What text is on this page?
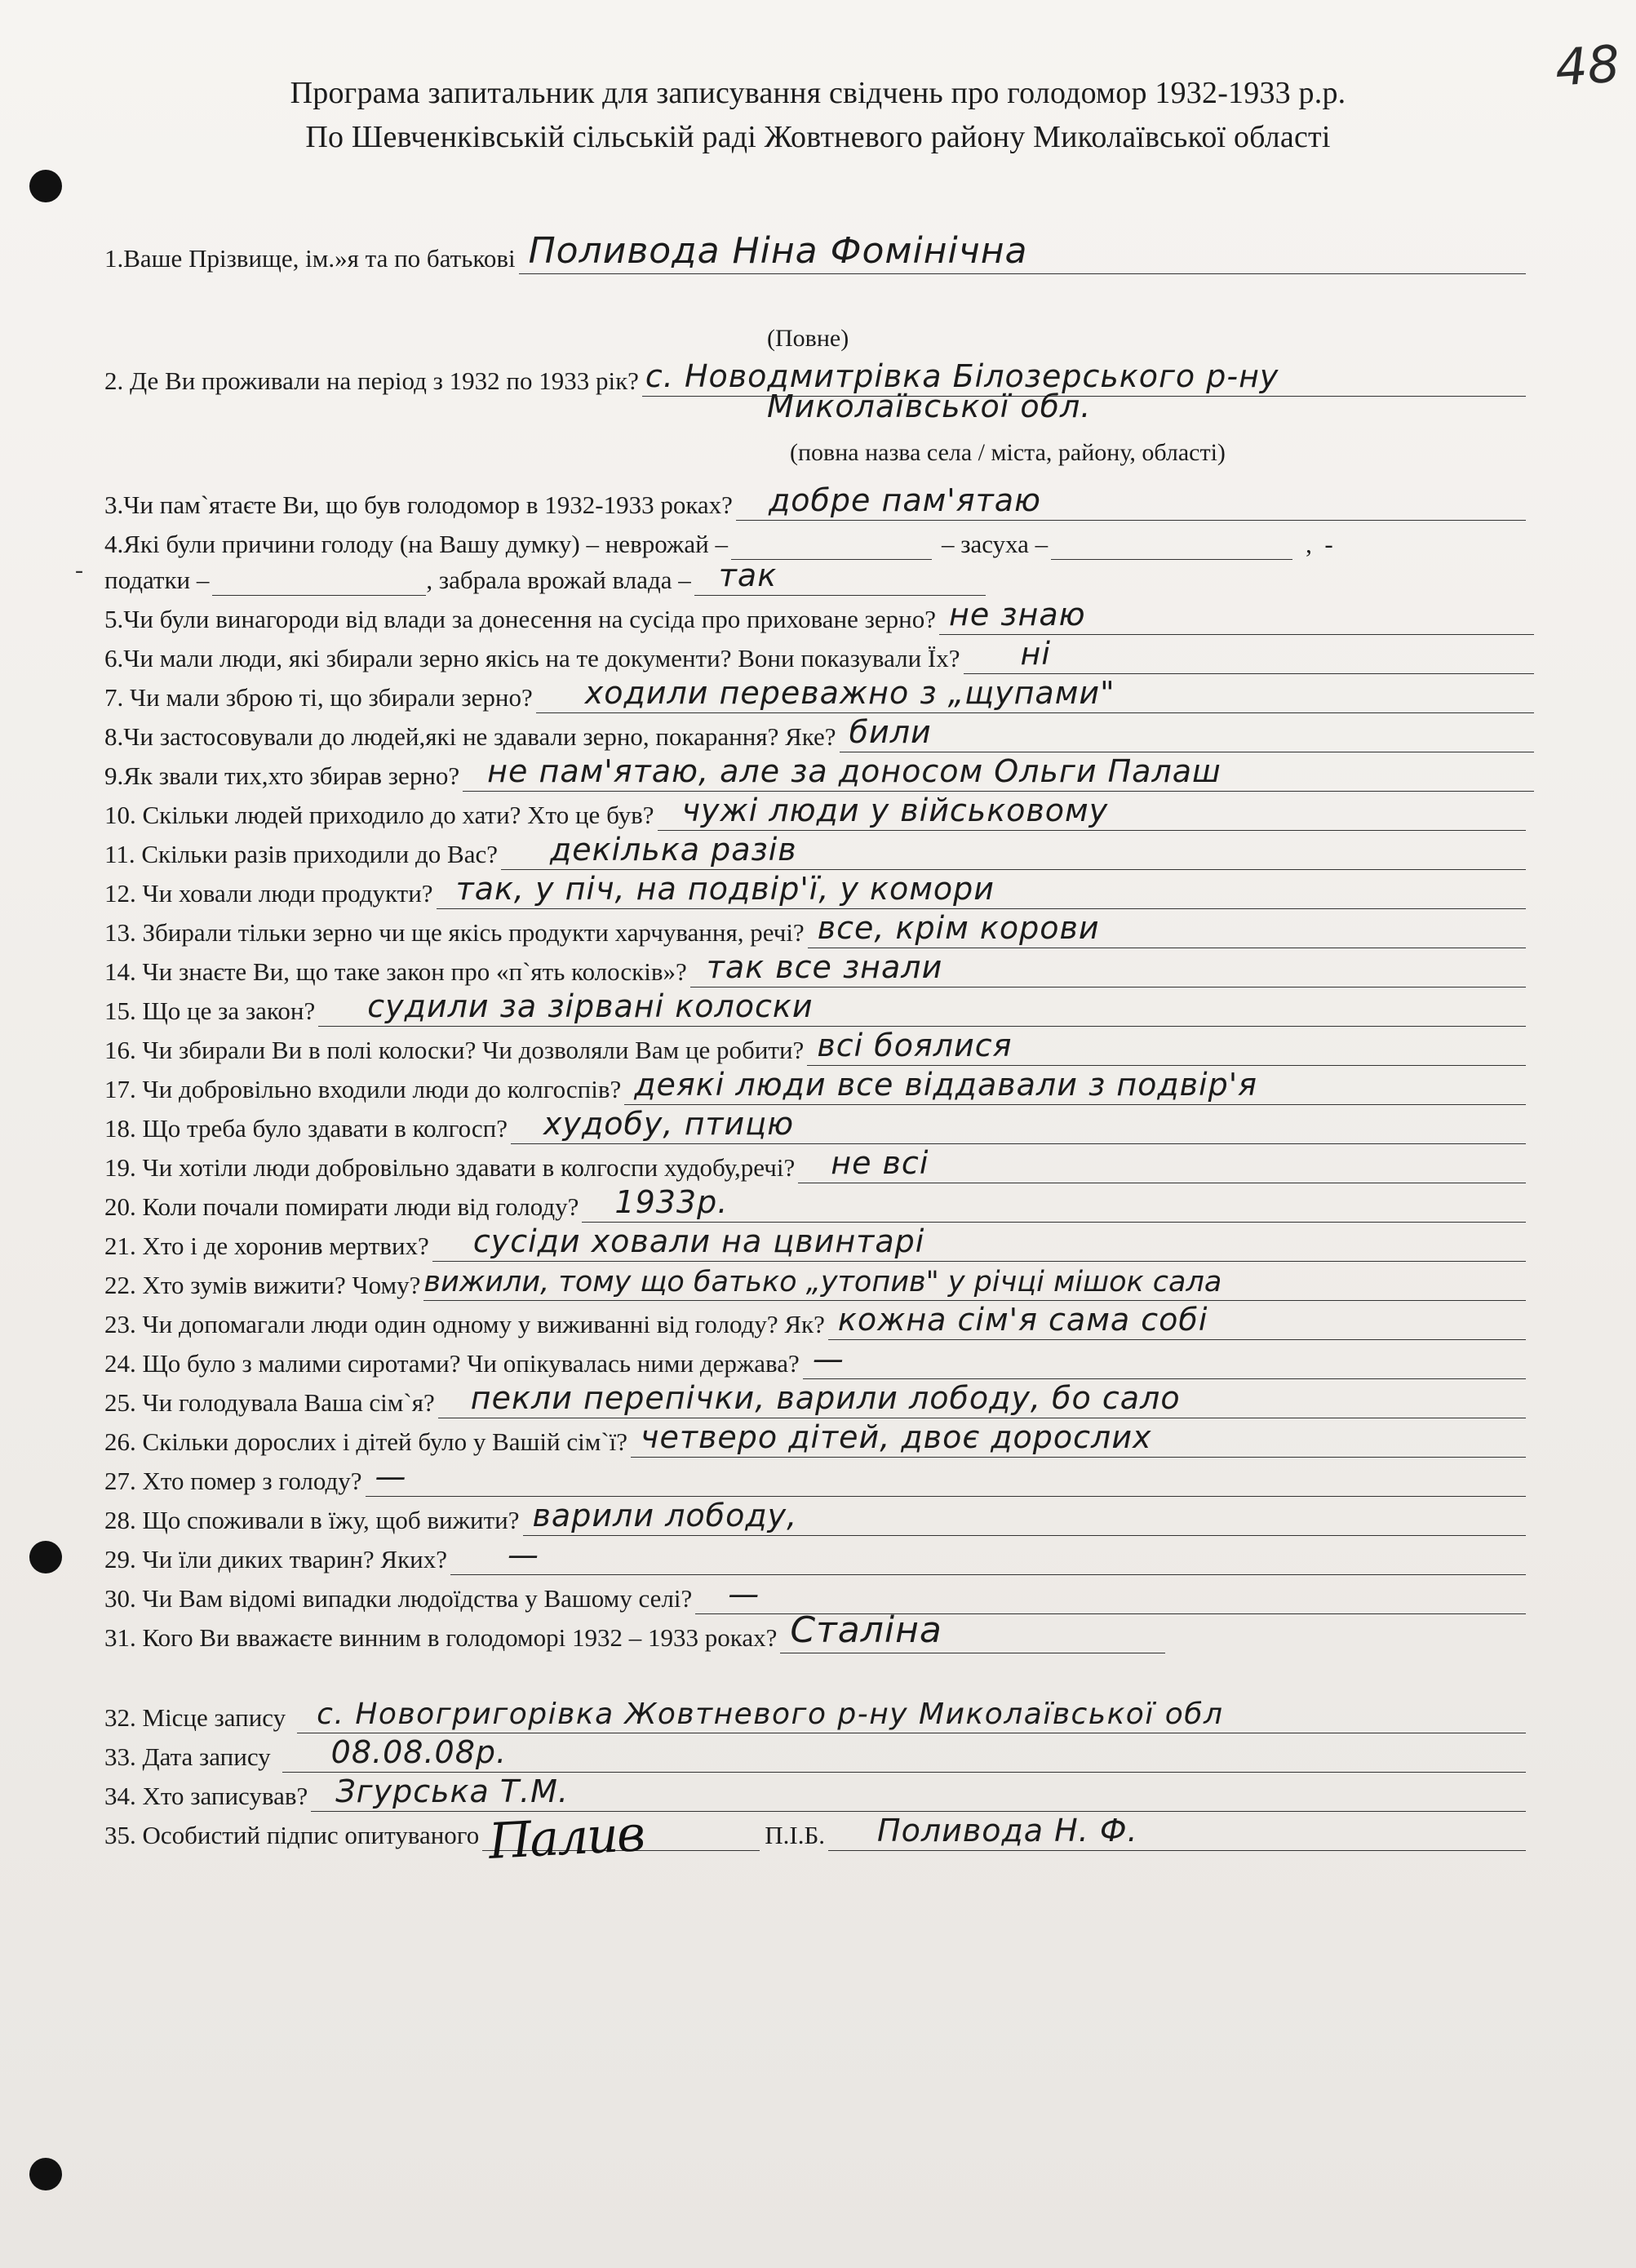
48
Програма запитальник для записування свідчень про голодомор 1932-1933 р.р.
По Шевченківській сільській раді Жовтневого району Миколаївської області
1.Ваше Прізвище, ім.»я та по батькові Поливода Ніна Фомінічна
(Повне)
2. Де Ви проживали на період з 1932 по 1933 рік? с. Новодмитрівка Білозерського р-ну
Миколаївської обл.
(повна назва села / міста, району, області)
3.Чи пам`ятаєте Ви, що був голодомор в 1932-1933 роках? добре пам'ятаю
4.Які були причини голоду (на Вашу думку) – неврожай –	– засуха –	,  -
податки –	, забрала врожай влада – так
-
5.Чи були винагороди від влади за донесення на сусіда про приховане зерно? не знаю
6.Чи мали люди, які збирали зерно якісь на те документи? Вони показували Їх? ні
7. Чи мали зброю ті, що збирали зерно? ходили переважно з „щупами"
8.Чи застосовували до людей,які не здавали зерно, покарання? Яке? били
9.Як звали тих,хто збирав зерно? не пам'ятаю, але за доносом Ольги Палаш
10. Скільки людей приходило до хати? Хто це був? чужі люди у військовому
11. Скільки разів приходили до Вас? декілька разів
12. Чи ховали люди продукти? так, у піч, на подвір'ї, у комори
13. Збирали тільки зерно чи ще якісь продукти харчування, речі? все, крім корови
14. Чи знаєте Ви, що таке закон про «п`ять колосків»? так все знали
15. Що це за закон? судили за зірвані колоски
16. Чи збирали Ви в полі колоски? Чи дозволяли Вам це робити? всі боялися
17. Чи добровільно входили люди до колгоспів? деякі люди все віддавали з подвір'я
18. Що треба було здавати в колгосп? худобу, птицю
19. Чи хотіли люди добровільно здавати в колгоспи худобу,речі? не всі
20. Коли почали помирати люди від голоду? 1933р.
21. Хто і де хоронив мертвих? сусіди ховали на цвинтарі
22. Хто зумів вижити? Чому? вижили, тому що батько „утопив" у річці мішок сала
23. Чи допомагали люди один одному у виживанні від голоду? Як? кожна сім'я сама собі
24. Що було з малими сиротами? Чи опікувалась ними держава? —
25. Чи голодувала Ваша сім`я? пекли перепічки, варили лободу, бо сало
26. Скільки дорослих і дітей було у Вашій сім`ї? четверо дітей, двоє дорослих
27. Хто помер з голоду? —
28. Що споживали в їжу, щоб вижити? варили лободу,
29. Чи їли диких тварин? Яких? —
30. Чи Вам відомі випадки людоїдства у Вашому селі? —
31. Кого Ви вважаєте винним в голодоморі 1932 – 1933 роках? Сталіна
32. Місце запису с. Новогригорівка Жовтневого р-ну Миколаївської обл
33. Дата запису 08.08.08р.
34. Хто записував? Згурська Т.М.
35. Особистий підпис опитуваного Палив	П.І.Б. Поливода Н. Ф.
